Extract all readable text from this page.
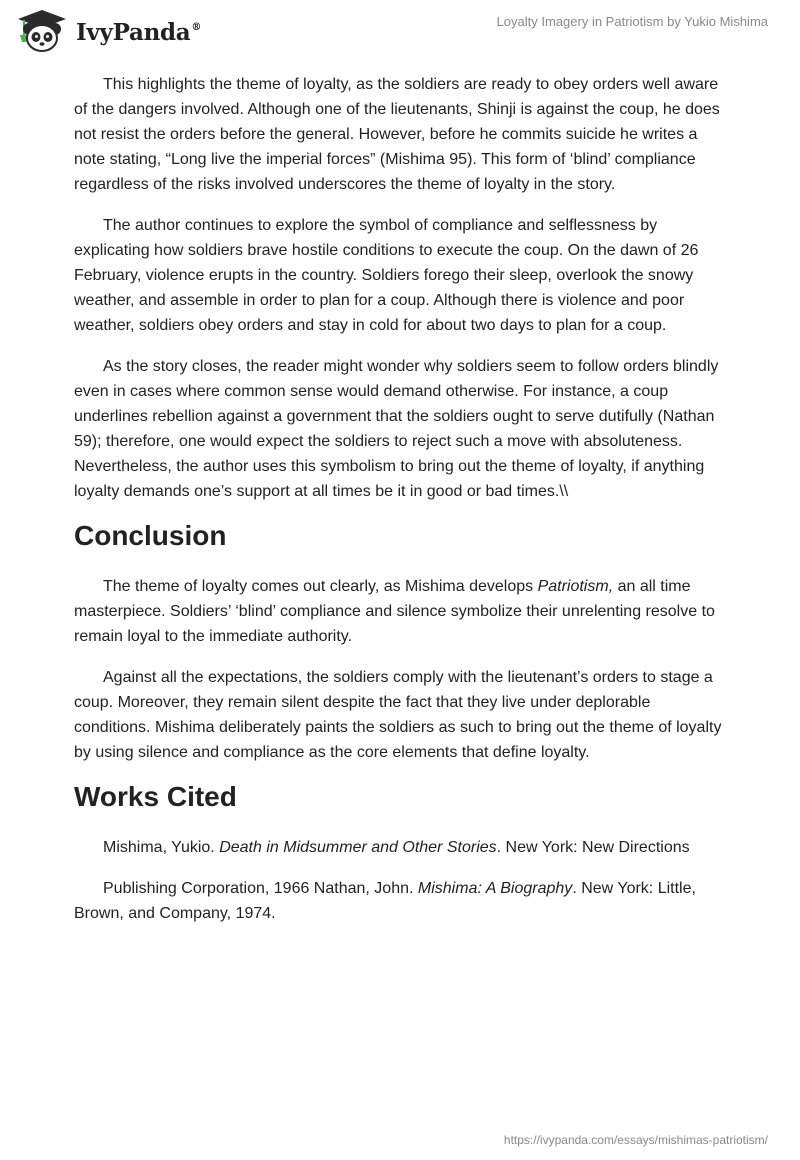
IvyPanda®	Loyalty Imagery in Patriotism by Yukio Mishima

This highlights the theme of loyalty, as the soldiers are ready to obey orders well aware of the dangers involved. Although one of the lieutenants, Shinji is against the coup, he does not resist the orders before the general. However, before he commits suicide he writes a note stating, “Long live the imperial forces” (Mishima 95). This form of ‘blind’ compliance regardless of the risks involved underscores the theme of loyalty in the story.

The author continues to explore the symbol of compliance and selflessness by explicating how soldiers brave hostile conditions to execute the coup. On the dawn of 26 February, violence erupts in the country. Soldiers forego their sleep, overlook the snowy weather, and assemble in order to plan for a coup. Although there is violence and poor weather, soldiers obey orders and stay in cold for about two days to plan for a coup.

As the story closes, the reader might wonder why soldiers seem to follow orders blindly even in cases where common sense would demand otherwise. For instance, a coup underlines rebellion against a government that the soldiers ought to serve dutifully (Nathan 59); therefore, one would expect the soldiers to reject such a move with absoluteness. Nevertheless, the author uses this symbolism to bring out the theme of loyalty, if anything loyalty demands one’s support at all times be it in good or bad times.\\

Conclusion

The theme of loyalty comes out clearly, as Mishima develops Patriotism, an all time masterpiece. Soldiers’ ‘blind’ compliance and silence symbolize their unrelenting resolve to remain loyal to the immediate authority.

Against all the expectations, the soldiers comply with the lieutenant’s orders to stage a coup. Moreover, they remain silent despite the fact that they live under deplorable conditions. Mishima deliberately paints the soldiers as such to bring out the theme of loyalty by using silence and compliance as the core elements that define loyalty.

Works Cited

Mishima, Yukio. Death in Midsummer and Other Stories. New York: New Directions

Publishing Corporation, 1966 Nathan, John. Mishima: A Biography. New York: Little, Brown, and Company, 1974.

https://ivypanda.com/essays/mishimas-patriotism/
